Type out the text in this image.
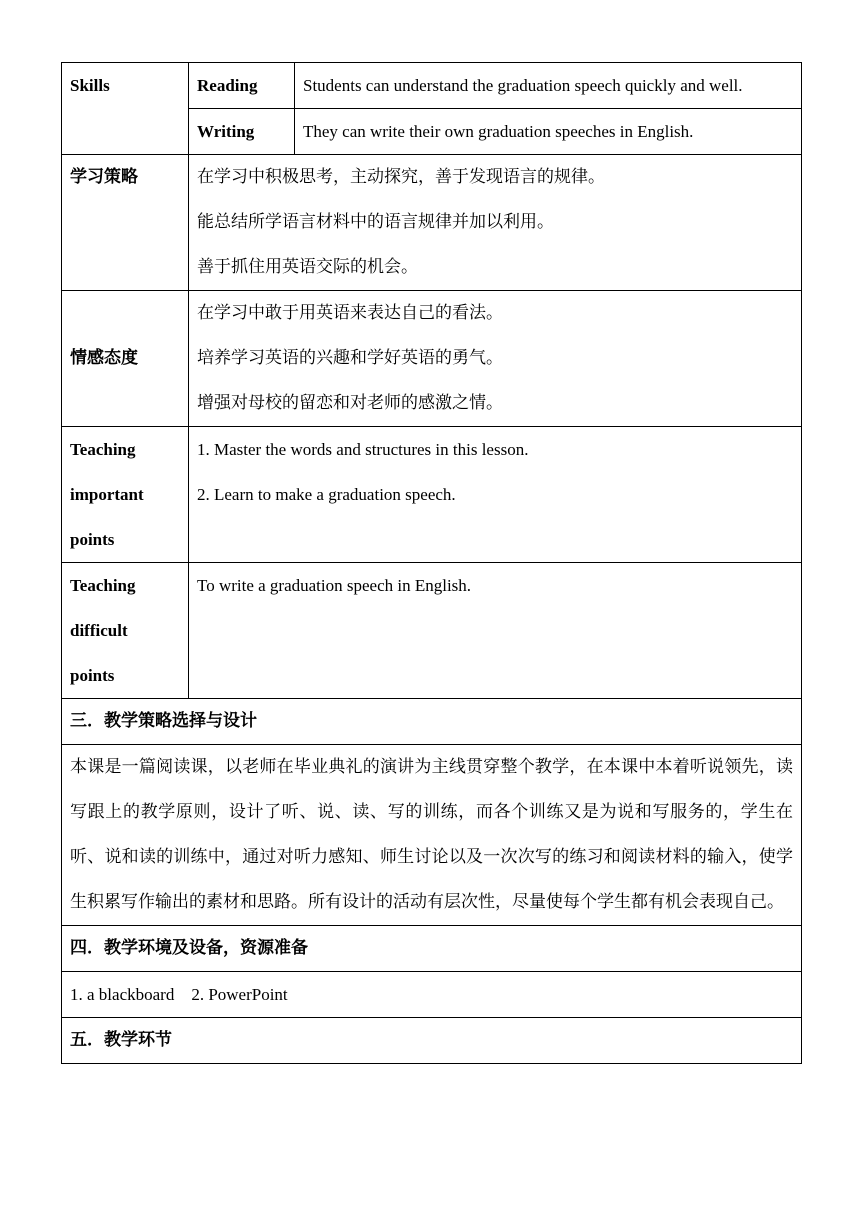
Skills	Reading	Students can understand the graduation speech quickly and well.
	Writing	They can write their own graduation speeches in English.
学习策略	在学习中积极思考，主动探究，善于发现语言的规律。
能总结所学语言材料中的语言规律并加以利用。
善于抓住用英语交际的机会。	

情感态度	在学习中敢于用英语来表达自己的看法。
培养学习英语的兴趣和学好英语的勇气。
增强对母校的留恋和对老师的感激之情。	

Teaching
important
points	1. Master the words and structures in this lesson.
2. Learn to make a graduation speech.	

Teaching
difficult
points	To write a graduation speech in English.	

三．教学策略选择与设计		

本课是一篇阅读课，以老师在毕业典礼的演讲为主线贯穿整个教学，在本课中本着听说领先，读写跟上的教学原则，设计了听、说、读、写的训练，而各个训练又是为说和写服务的，学生在听、说和读的训练中，通过对听力感知、师生讨论以及一次次写的练习和阅读材料的输入，使学生积累写作输出的素材和思路。所有设计的活动有层次性，尽量使每个学生都有机会表现自己。		

四．教学环境及设备，资源准备		
1. a blackboard    2. PowerPoint		
五．教学环节		
